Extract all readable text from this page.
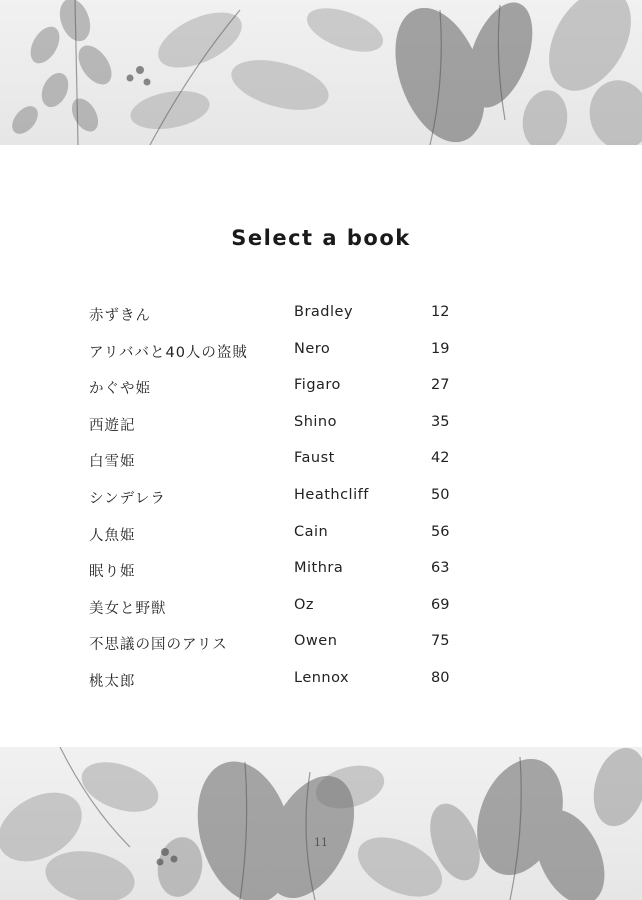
Select a book
赤ずきん	Bradley	12
アリババと40人の盗賊	Nero	19
かぐや姫	Figaro	27
西遊記	Shino	35
白雪姫	Faust	42
シンデレラ	Heathcliff	50
人魚姫	Cain	56
眠り姫	Mithra	63
美女と野獣	Oz	69
不思議の国のアリス	Owen	75
桃太郎	Lennox	80
11
